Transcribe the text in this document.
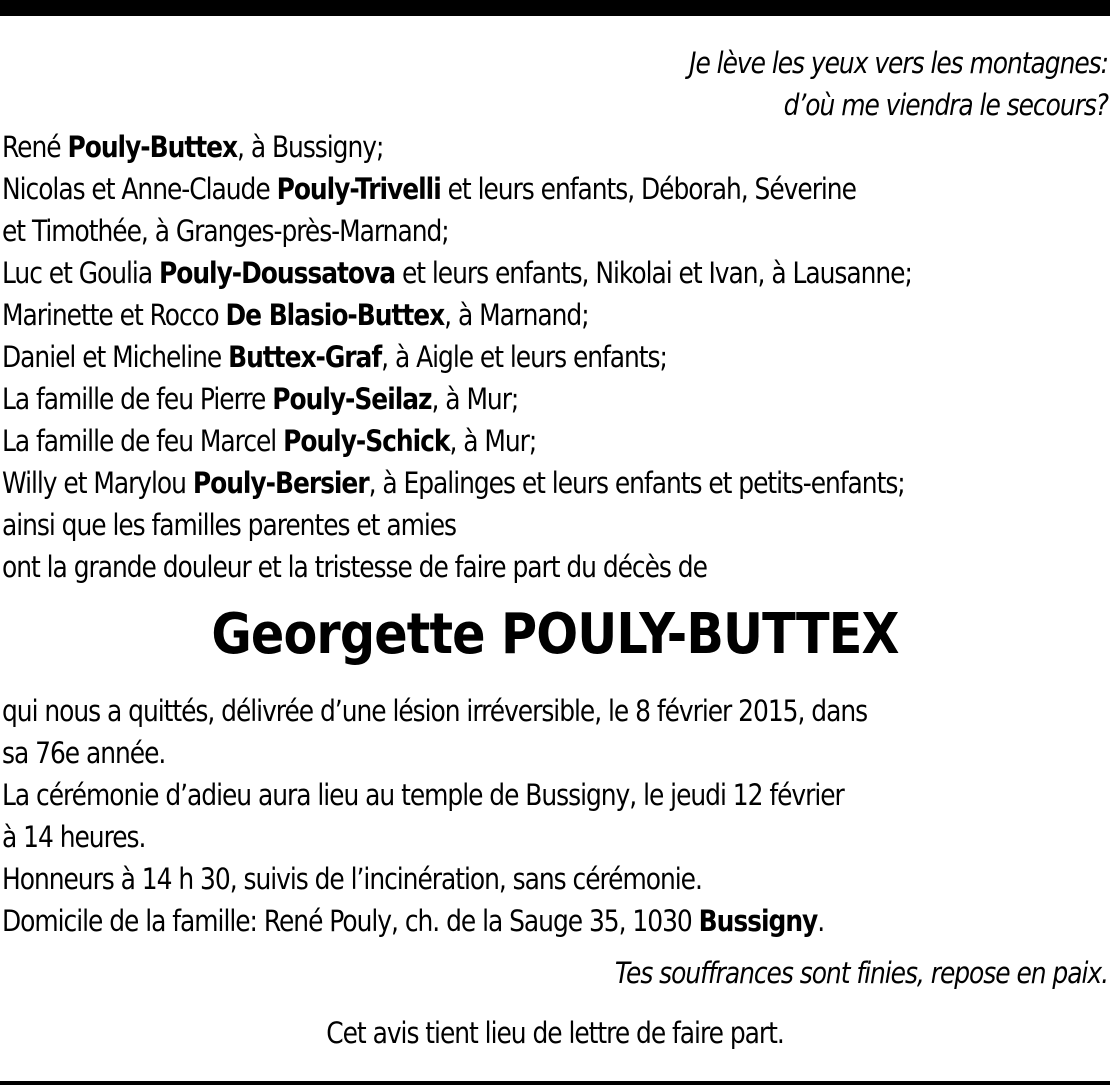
Je lève les yeux vers les montagnes:
d’où me viendra le secours?
René Pouly-Buttex, à Bussigny;
Nicolas et Anne-Claude Pouly-Trivelli et leurs enfants, Déborah, Séverine
et Timothée, à Granges-près-Marnand;
Luc et Goulia Pouly-Doussatova et leurs enfants, Nikolai et Ivan, à Lausanne;
Marinette et Rocco De Blasio-Buttex, à Marnand;
Daniel et Micheline Buttex-Graf, à Aigle et leurs enfants;
La famille de feu Pierre Pouly-Seilaz, à Mur;
La famille de feu Marcel Pouly-Schick, à Mur;
Willy et Marylou Pouly-Bersier, à Epalinges et leurs enfants et petits-enfants;
ainsi que les familles parentes et amies
ont la grande douleur et la tristesse de faire part du décès de
Georgette POULY-BUTTEX
qui nous a quittés, délivrée d’une lésion irréversible, le 8 février 2015, dans
sa 76e année.
La cérémonie d’adieu aura lieu au temple de Bussigny, le jeudi 12 février
à 14 heures.
Honneurs à 14 h 30, suivis de l’incinération, sans cérémonie.
Domicile de la famille: René Pouly, ch. de la Sauge 35, 1030 Bussigny.
Tes souffrances sont finies, repose en paix.
Cet avis tient lieu de lettre de faire part.
